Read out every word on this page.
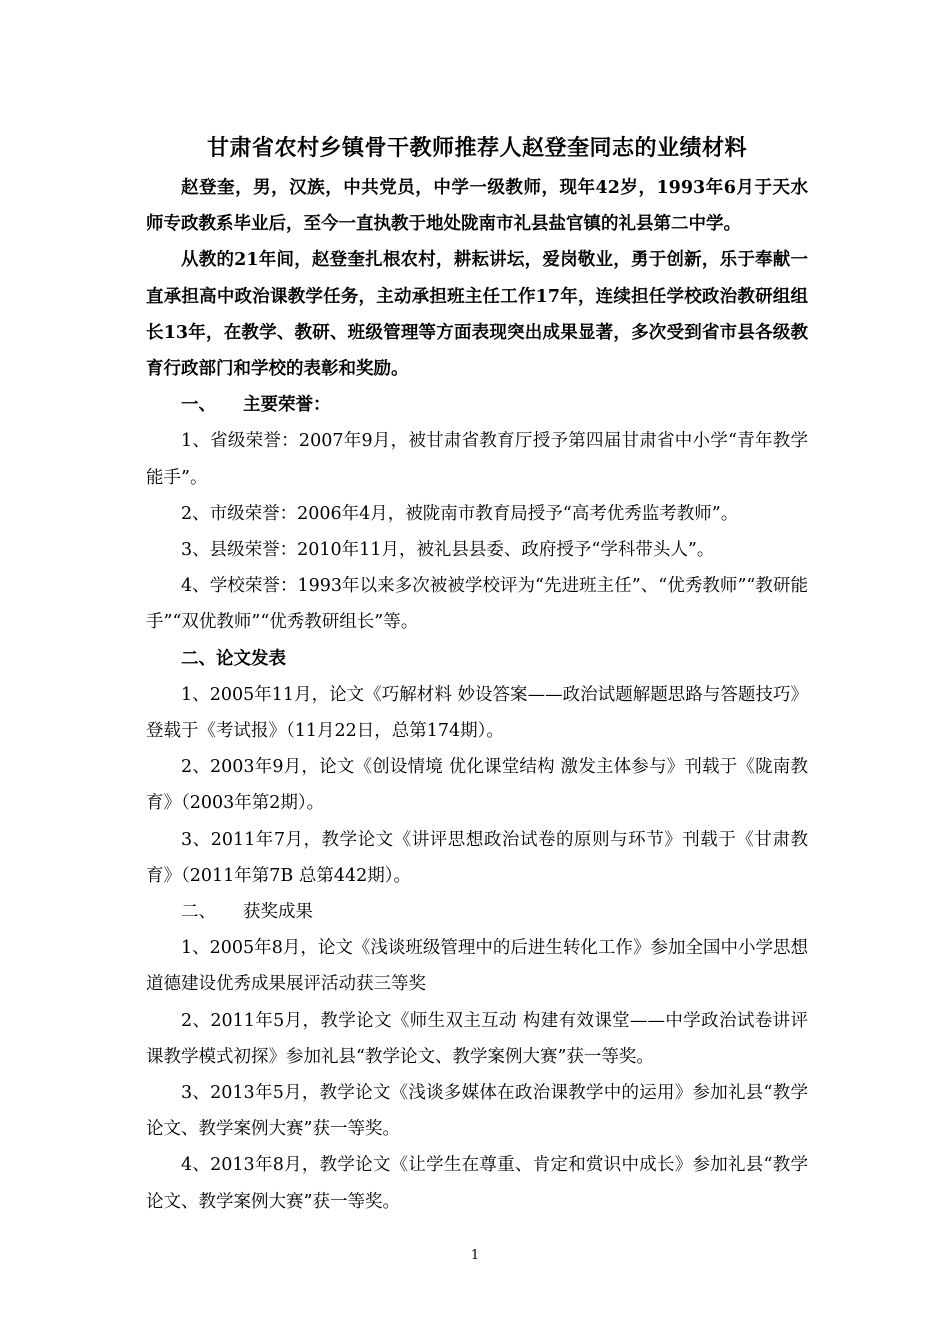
甘肃省农村乡镇骨干教师推荐人赵登奎同志的业绩材料

赵登奎，男，汉族，中共党员，中学一级教师，现年42岁，1993年6月于天水师专政教系毕业后，至今一直执教于地处陇南市礼县盐官镇的礼县第二中学。

从教的21年间，赵登奎扎根农村，耕耘讲坛，爱岗敬业，勇于创新，乐于奉献一直承担高中政治课教学任务，主动承担班主任工作17年，连续担任学校政治教研组组长13年，在教学、教研、班级管理等方面表现突出成果显著，多次受到省市县各级教育行政部门和学校的表彰和奖励。

一、 主要荣誉：

1、省级荣誉：2007年9月，被甘肃省教育厅授予第四届甘肃省中小学“青年教学能手”。

2、市级荣誉：2006年4月，被陇南市教育局授予“高考优秀监考教师”。

3、县级荣誉：2010年11月，被礼县县委、政府授予“学科带头人”。

4、学校荣誉：1993年以来多次被被学校评为“先进班主任”、“优秀教师”“教研能手”“双优教师”“优秀教研组长”等。

二、论文发表

1、2005年11月，论文《巧解材料 妙设答案——政治试题解题思路与答题技巧》登载于《考试报》（11月22日，总第174期）。

2、2003年9月，论文《创设情境 优化课堂结构 激发主体参与》刊载于《陇南教育》（2003年第2期）。

3、2011年7月，教学论文《讲评思想政治试卷的原则与环节》刊载于《甘肃教育》（2011年第7B 总第442期）。

二、 获奖成果

1、2005年8月，论文《浅谈班级管理中的后进生转化工作》参加全国中小学思想道德建设优秀成果展评活动获三等奖

2、2011年5月，教学论文《师生双主互动 构建有效课堂——中学政治试卷讲评课教学模式初探》参加礼县“教学论文、教学案例大赛”获一等奖。

3、2013年5月，教学论文《浅谈多媒体在政治课教学中的运用》参加礼县“教学论文、教学案例大赛”获一等奖。

4、2013年8月，教学论文《让学生在尊重、肯定和赏识中成长》参加礼县“教学论文、教学案例大赛”获一等奖。

1
